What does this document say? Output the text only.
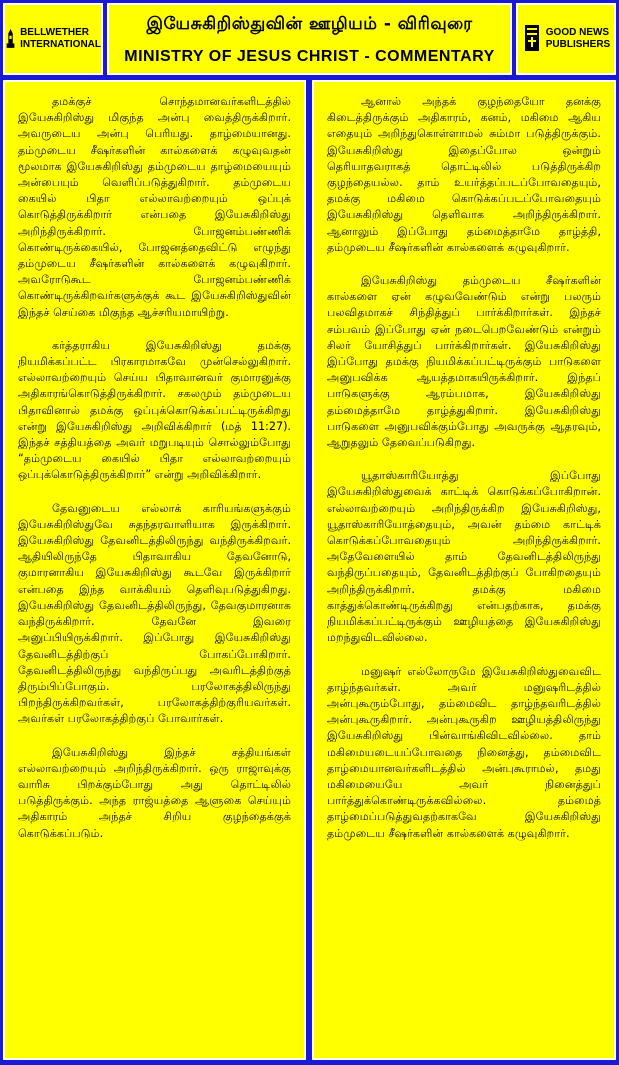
BELLWETHER
INTERNATIONAL
இயேசுகிறிஸ்துவின் ஊழியம் - விரிவுரை
MINISTRY OF JESUS CHRIST - COMMENTARY
GOOD NEWS
PUBLISHERS

தமக்குச் சொந்தமானவர்களிடத்தில் இயேசுகிறிஸ்து மிகுந்த அன்பு வைத்திருக்கிறார். அவருடைய அன்பு பெரியது. தாழ்மையானது. தம்முடைய சீஷர்களின் கால்களைக் கழுவுவதன் மூலமாக இயேசுகிறிஸ்து தம்முடைய தாழ்மையையும் அன்பையும் வெளிப்படுத்துகிறார். தம்முடைய கையில் பிதா எல்லாவற்றையும் ஒப்புக் கொடுத்திருக்கிறார் என்பதை இயேசுகிறிஸ்து அறிந்திருக்கிறார். போஜனம்பண்ணிக் கொண்டிருக்கையில், போஜனத்தைவிட்டு எழுந்து தம்முடைய சீஷர்களின் கால்களைக் கழுவுகிறார். அவரோடுகூட போஜனம்பண்ணிக் கொண்டிருக்கிறவர்களுக்குக் கூட இயேசுகிறிஸ்துவின் இந்தச் செய்கை மிகுந்த ஆச்சரியமாயிற்று.

கர்த்தராகிய இயேசுகிறிஸ்து தமக்கு நியமிக்கப்பட்ட பிரகாரமாகவே முன்செல்லுகிறார். எல்லாவற்றையும் செய்ய பிதாவானவர் குமாரனுக்கு அதிகாரங்கொடுத்திருக்கிறார். சகலமும் தம்முடைய பிதாவினால் தமக்கு ஒப்புக்கொடுக்கப்பட்டிருக்கிறது என்று இயேசுகிறிஸ்து அறிவிக்கிறார் (மத் 11:27). இந்தச் சத்தியத்தை அவர் மறுபடியும் சொல்லும்போது “தம்முடைய கையில் பிதா எல்லாவற்றையும் ஒப்புக்கொடுத்திருக்கிறார்” என்று அறிவிக்கிறார்.

தேவனுடைய எல்லாக் காரியங்களுக்கும் இயேசுகிறிஸ்துவே சுதந்தரவாளியாக இருக்கிறார். இயேசுகிறிஸ்து தேவனிடத்திலிருந்து வந்திருக்கிறவர். ஆதியிலிருந்தே பிதாவாகிய தேவனோடு, குமாரனாகிய இயேசுகிறிஸ்து கூடவே இருக்கிறார் என்பதை இந்த வாக்கியம் தெளிவுபடுத்துகிறது. இயேசுகிறிஸ்து தேவனிடத்திலிருந்து, தேவகுமாரனாக வந்திருக்கிறார். தேவனே இவரை அனுப்பியிருக்கிறார். இப்போது இயேசுகிறிஸ்து தேவனிடத்திற்குப் போகப்போகிறார். தேவனிடத்திலிருந்து வந்திருப்பது அவரிடத்திற்குத் திரும்பிப்போகும். பரலோகத்திலிருந்து பிறந்திருக்கிறவர்கள், பரலோகத்திற்குரியவர்கள். அவர்கள் பரலோகத்திற்குப் போவார்கள்.

இயேசுகிறிஸ்து இந்தச் சத்தியங்கள் எல்லாவற்றையும் அறிந்திருக்கிறார். ஒரு ராஜாவுக்கு வாரிசு பிறக்கும்போது அது தொட்டிலில் படுத்திருக்கும். அந்த ராஜ்யத்தை ஆளுகை செய்யும் அதிகாரம் அந்தச் சிறிய குழந்தைக்குக் கொடுக்கப்படும்.

ஆனால் அந்தக் குழந்தையோ தனக்கு கிடைத்திருக்கும் அதிகாரம், கனம், மகிமை ஆகிய எதையும் அறிந்துகொள்ளாமல் சும்மா படுத்திருக்கும். இயேசுகிறிஸ்து இதைப்போல ஒன்றும் தெரியாதவராகத் தொட்டிலில் படுத்திருக்கிற குழந்தையல்ல. தாம் உயர்த்தப்படப்போவதையும், தமக்கு மகிமை கொடுக்கப்படப்போவதையும் இயேசுகிறிஸ்து தெளிவாக அறிந்திருக்கிறார். ஆனாலும் இப்போது தம்மைத்தாமே தாழ்த்தி, தம்முடைய சீஷர்களின் கால்களைக் கழுவுகிறார்.

இயேசுகிறிஸ்து தம்முடைய சீஷர்களின் கால்களை ஏன் கழுவவேண்டும் என்று பலரும் பலவிதமாகச் சிந்தித்துப் பார்க்கிறார்கள். இந்தச் சம்பவம் இப்போது ஏன் நடைபெறவேண்டும் என்றும் சிலர் யோசித்துப் பார்க்கிறார்கள். இயேசுகிறிஸ்து இப்போது தமக்கு நியமிக்கப்பட்டிருக்கும் பாடுகளை அனுபவிக்க ஆயத்தமாகயிருக்கிறார். இந்தப் பாடுகளுக்கு ஆரம்பமாக, இயேசுகிறிஸ்து தம்மைத்தாமே தாழ்த்துகிறார். இயேசுகிறிஸ்து பாடுகளை அனுபவிக்கும்போது அவருக்கு ஆதரவும், ஆறுதலும் தேவைப்படுகிறது.

யூதாஸ்காரியோத்து இப்போது இயேசுகிறிஸ்துவைக் காட்டிக் கொடுக்கப்போகிறான். எல்லாவற்றையும் அறிந்திருக்கிற இயேசுகிறிஸ்து, யூதாஸ்காரியோத்தையும், அவன் தம்மை காட்டிக் கொடுக்கப்போவதையும் அறிந்திருக்கிறார். அதேவேளையில் தாம் தேவனிடத்திலிருந்து வந்திருப்பதையும், தேவனிடத்திற்குப் போகிறதையும் அறிந்திருக்கிறார். தமக்கு மகிமை காத்துக்கொண்டிருக்கிறது என்பதற்காக, தமக்கு நியமிக்கப்பட்டிருக்கும் ஊழியத்தை இயேசுகிறிஸ்து மறந்துவிடவில்லை.

மனுஷர் எல்லோருமே இயேசுகிறிஸ்துவைவிட தாழ்ந்தவர்கள். அவர் மனுஷரிடத்தில் அன்புகூரும்போது, தம்மைவிட தாழ்ந்தவரிடத்தில் அன்புகூருகிறார். அன்புகூருகிற ஊழியத்திலிருந்து இயேசுகிறிஸ்து பின்வாங்கிவிடவில்லை. தாம் மகிமையடையப்போவதை நினைத்து, தம்மைவிட தாழ்மையானவர்களிடத்தில் அன்புகூராமல், தமது மகிமையையே அவர் நினைத்துப் பார்த்துக்கொண்டிருக்கவில்லை. தம்மைத் தாழ்மைப்படுத்துவதற்காகவே இயேசுகிறிஸ்து தம்முடைய சீஷர்களின் கால்களைக் கழுவுகிறார்.
